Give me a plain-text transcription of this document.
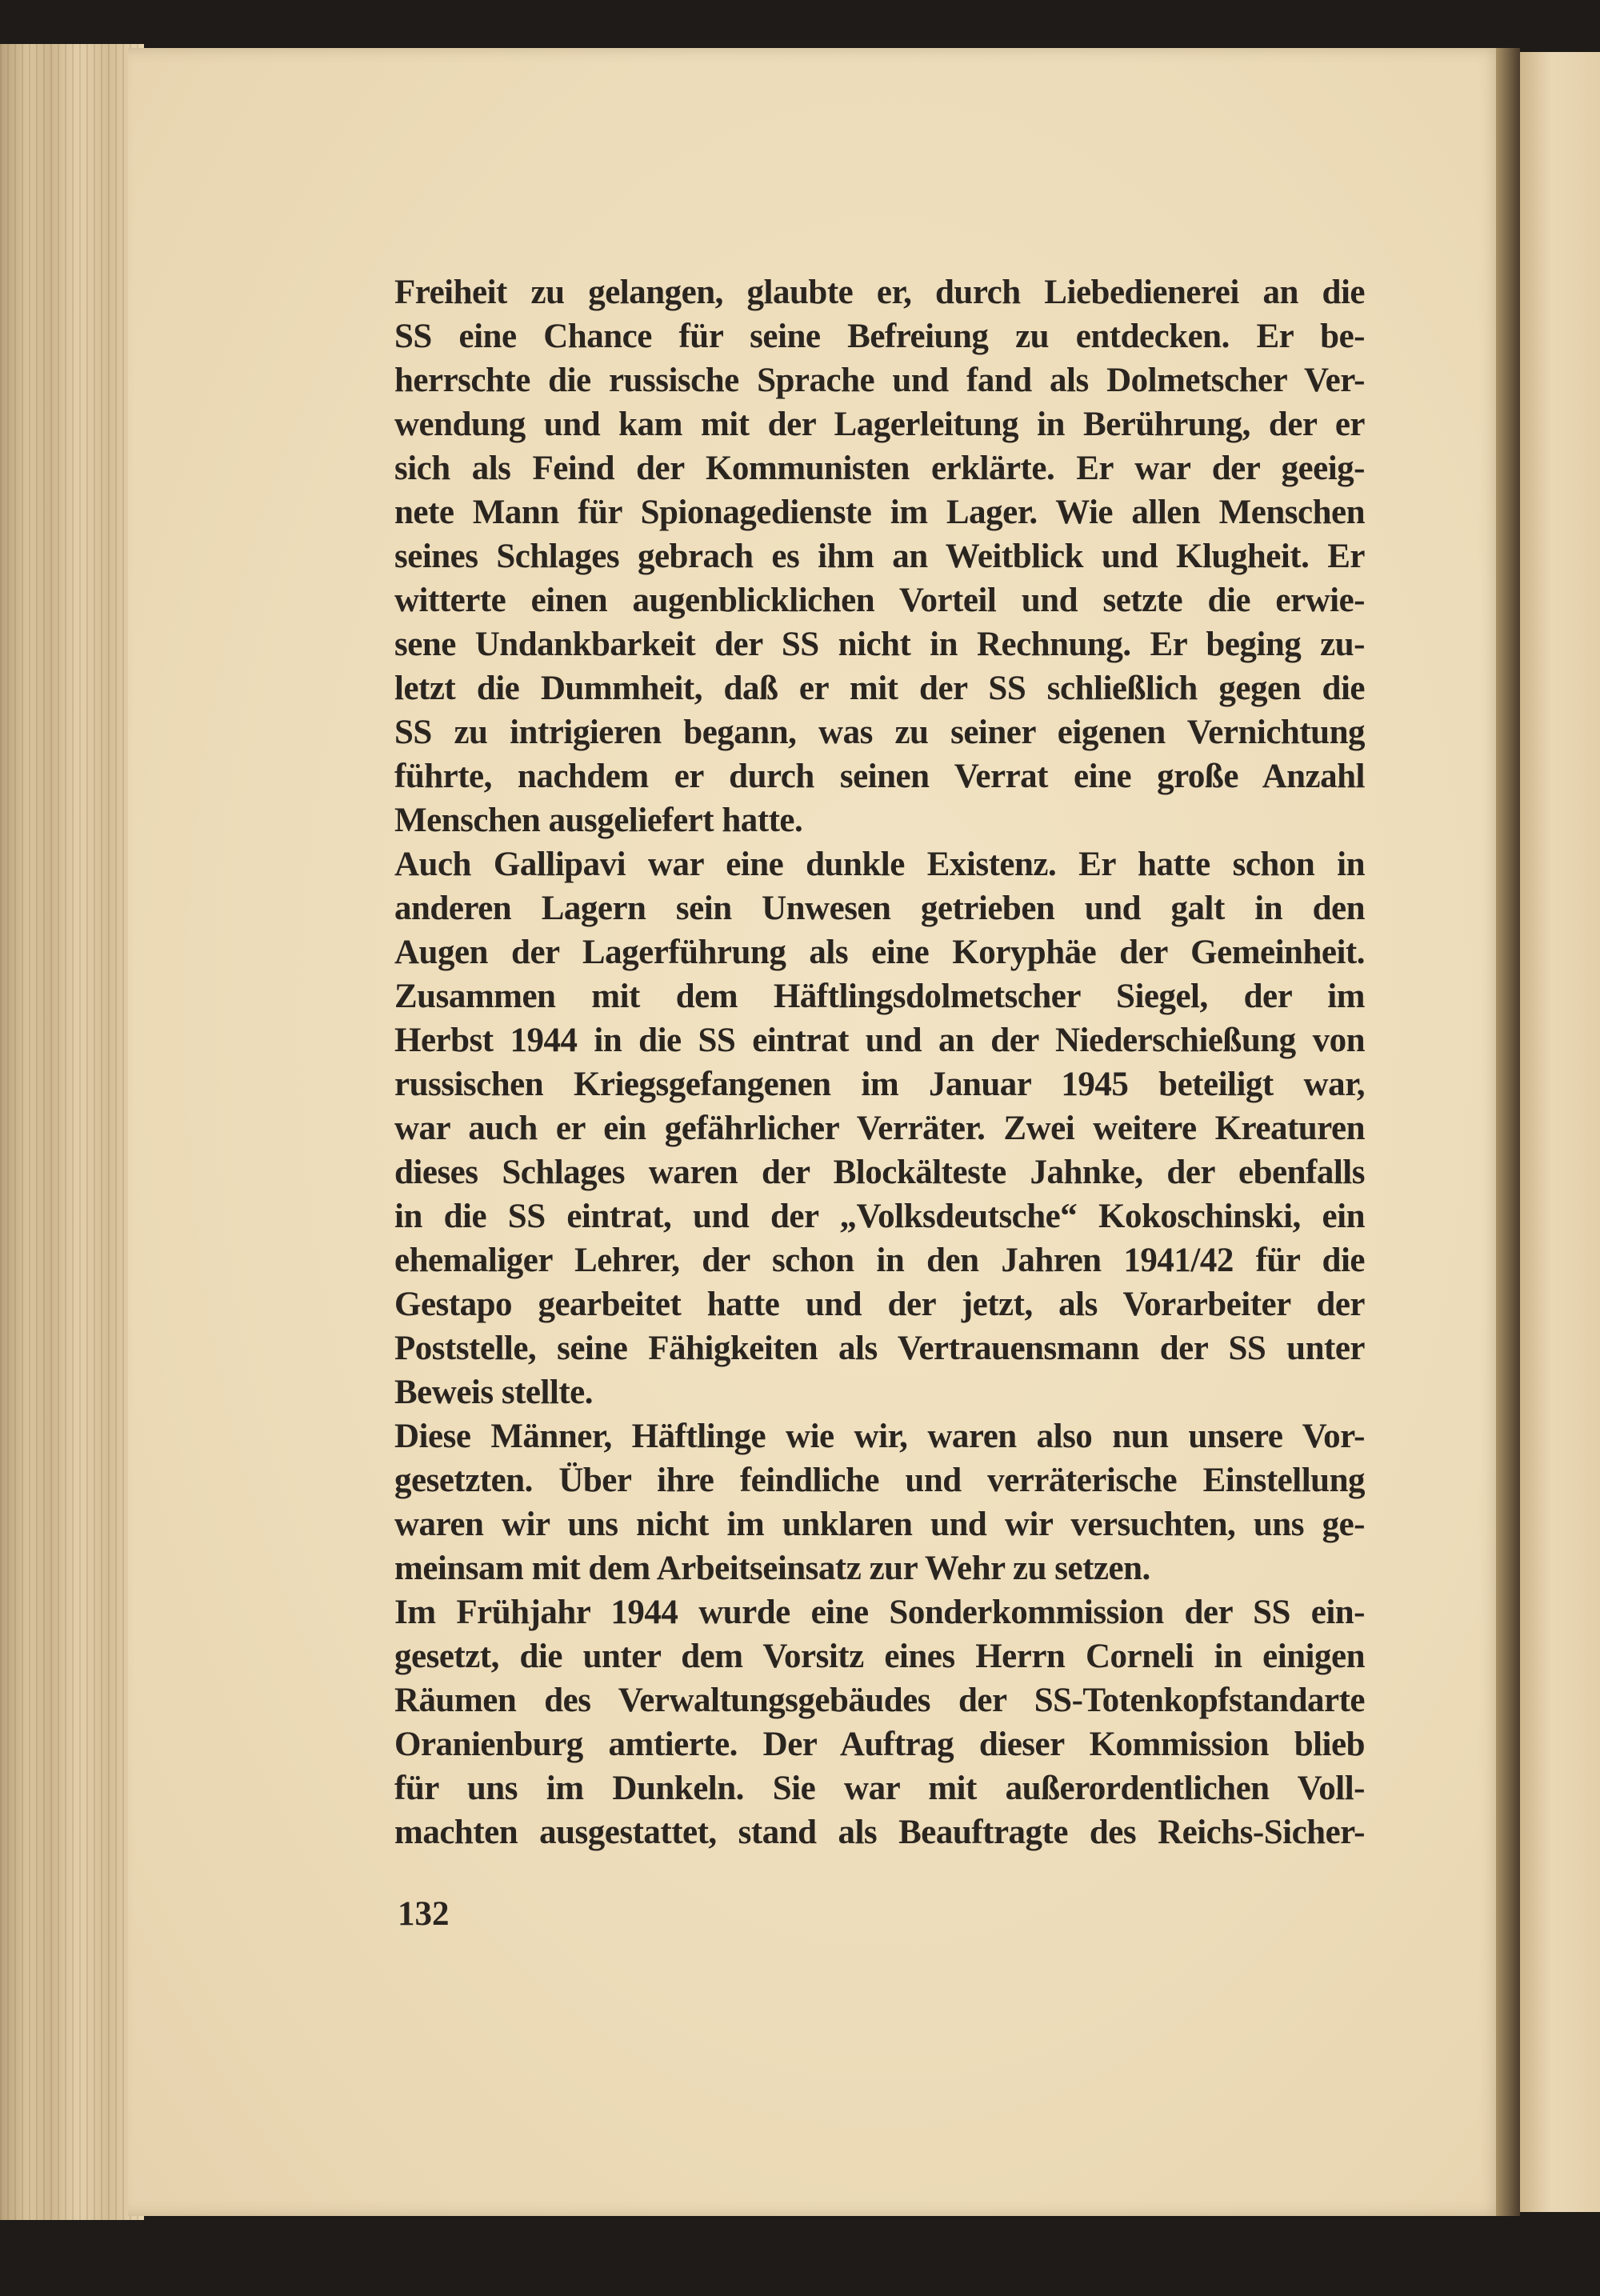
Freiheit zu gelangen, glaubte er, durch Liebedienerei an die
SS eine Chance für seine Befreiung zu entdecken. Er be-
herrschte die russische Sprache und fand als Dolmetscher Ver-
wendung und kam mit der Lagerleitung in Berührung, der er
sich als Feind der Kommunisten erklärte. Er war der geeig-
nete Mann für Spionagedienste im Lager. Wie allen Menschen
seines Schlages gebrach es ihm an Weitblick und Klugheit. Er
witterte einen augenblicklichen Vorteil und setzte die erwie-
sene Undankbarkeit der SS nicht in Rechnung. Er beging zu-
letzt die Dummheit, daß er mit der SS schließlich gegen die
SS zu intrigieren begann, was zu seiner eigenen Vernichtung
führte, nachdem er durch seinen Verrat eine große Anzahl
Menschen ausgeliefert hatte.
Auch Gallipavi war eine dunkle Existenz. Er hatte schon in
anderen Lagern sein Unwesen getrieben und galt in den
Augen der Lagerführung als eine Koryphäe der Gemeinheit.
Zusammen mit dem Häftlingsdolmetscher Siegel, der im
Herbst 1944 in die SS eintrat und an der Niederschießung von
russischen Kriegsgefangenen im Januar 1945 beteiligt war,
war auch er ein gefährlicher Verräter. Zwei weitere Kreaturen
dieses Schlages waren der Blockälteste Jahnke, der ebenfalls
in die SS eintrat, und der „Volksdeutsche“ Kokoschinski, ein
ehemaliger Lehrer, der schon in den Jahren 1941/42 für die
Gestapo gearbeitet hatte und der jetzt, als Vorarbeiter der
Poststelle, seine Fähigkeiten als Vertrauensmann der SS unter
Beweis stellte.
Diese Männer, Häftlinge wie wir, waren also nun unsere Vor-
gesetzten. Über ihre feindliche und verräterische Einstellung
waren wir uns nicht im unklaren und wir versuchten, uns ge-
meinsam mit dem Arbeitseinsatz zur Wehr zu setzen.
Im Frühjahr 1944 wurde eine Sonderkommission der SS ein-
gesetzt, die unter dem Vorsitz eines Herrn Corneli in einigen
Räumen des Verwaltungsgebäudes der SS-Totenkopfstandarte
Oranienburg amtierte. Der Auftrag dieser Kommission blieb
für uns im Dunkeln. Sie war mit außerordentlichen Voll-
machten ausgestattet, stand als Beauftragte des Reichs-Sicher-
132
